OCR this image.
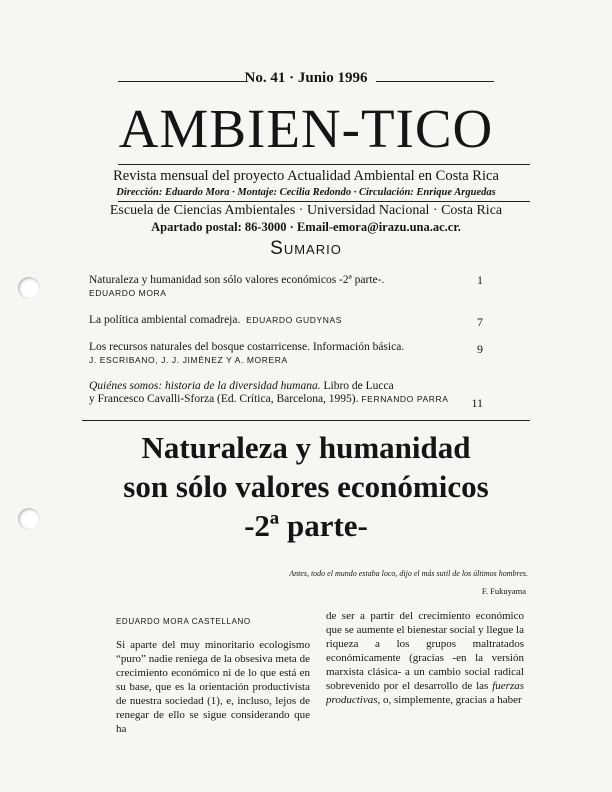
No. 41 · Junio 1996
AMBIEN-TICO
Revista mensual del proyecto Actualidad Ambiental en Costa Rica
Dirección: Eduardo Mora · Montaje: Cecilia Redondo · Circulación: Enrique Arguedas
Escuela de Ciencias Ambientales · Universidad Nacional · Costa Rica
Apartado postal: 86-3000 · Email-emora@irazu.una.ac.cr.
Sumario
Naturaleza y humanidad son sólo valores económicos -2ª parte-.
EDUARDO MORA
1
La política ambiental comadreja. EDUARDO GUDYNAS	7
Los recursos naturales del bosque costarricense. Información básica.
J. ESCRIBANO, J. J. JIMÉNEZ Y A. MORERA
9
Quiénes somos: historia de la diversidad humana. Libro de Lucca
y Francesco Cavalli-Sforza (Ed. Crítica, Barcelona, 1995). FERNANDO PARRA 11
Naturaleza y humanidad
son sólo valores económicos
-2ª parte-
Antes, todo el mundo estaba loco, dijo el más sutil de los últimos hombres.
F. Fukuyama
EDUARDO MORA CASTELLANO

Si aparte del muy minoritario ecologismo “puro” nadie reniega de la obsesiva meta de crecimiento económico ni de lo que está en su base, que es la orientación productivista de nuestra sociedad (1), e, incluso, lejos de renegar de ello se sigue considerando que ha

de ser a partir del crecimiento económico que se aumente el bienestar social y llegue la riqueza a los grupos maltratados económicamente (gracias -en la versión marxista clásica- a un cambio social radical sobrevenido por el desarrollo de las fuerzas productivas, o, simplemente, gracias a haber
